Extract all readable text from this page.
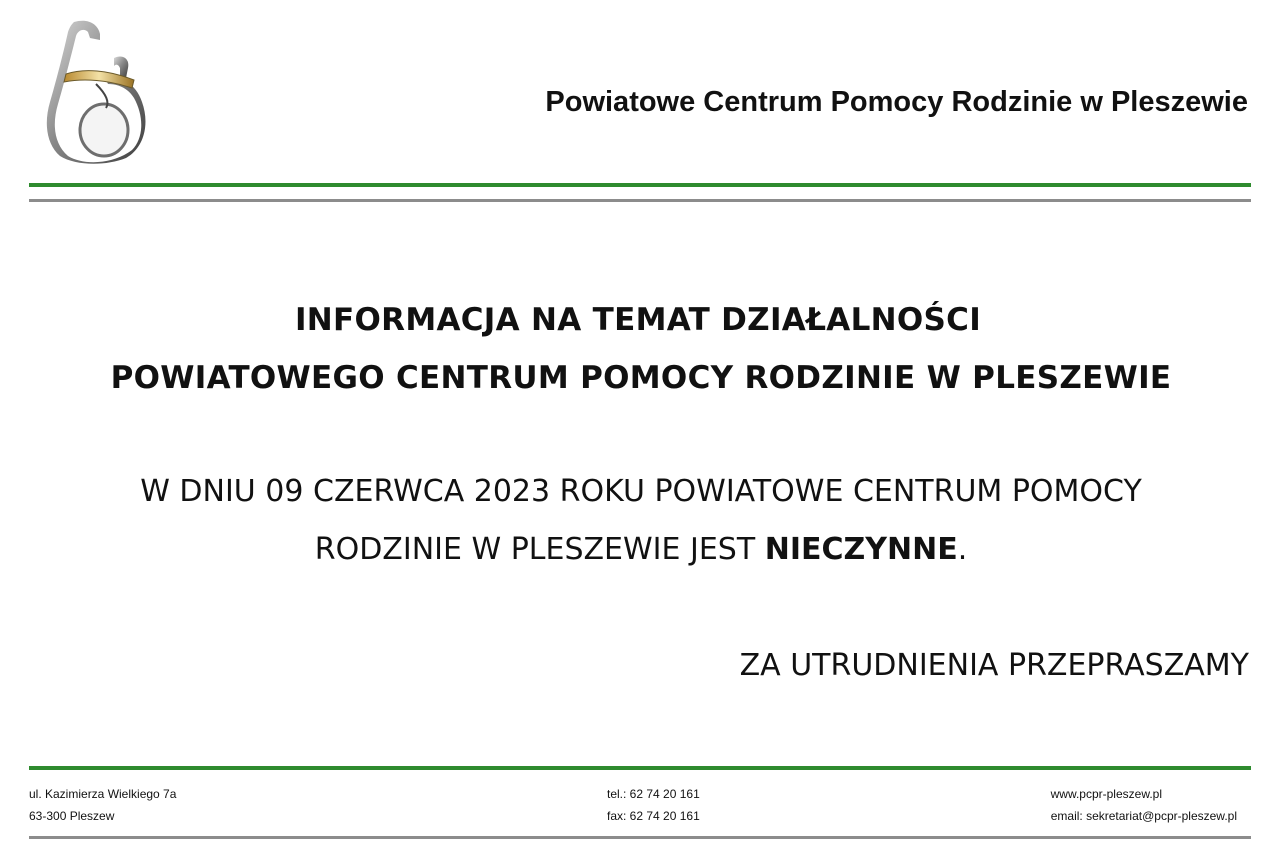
Powiatowe Centrum Pomocy Rodzinie w Pleszewie
INFORMACJA NA TEMAT DZIAŁALNOŚCI
POWIATOWEGO CENTRUM POMOCY RODZINIE W PLESZEWIE
W DNIU 09 CZERWCA 2023 ROKU POWIATOWE CENTRUM POMOCY
RODZINIE W PLESZEWIE JEST NIECZYNNE.
ZA UTRUDNIENIA PRZEPRASZAMY
ul. Kazimierza Wielkiego 7a
63-300 Pleszew
tel.: 62 74 20 161
fax: 62 74 20 161
www.pcpr-pleszew.pl
email: sekretariat@pcpr-pleszew.pl
